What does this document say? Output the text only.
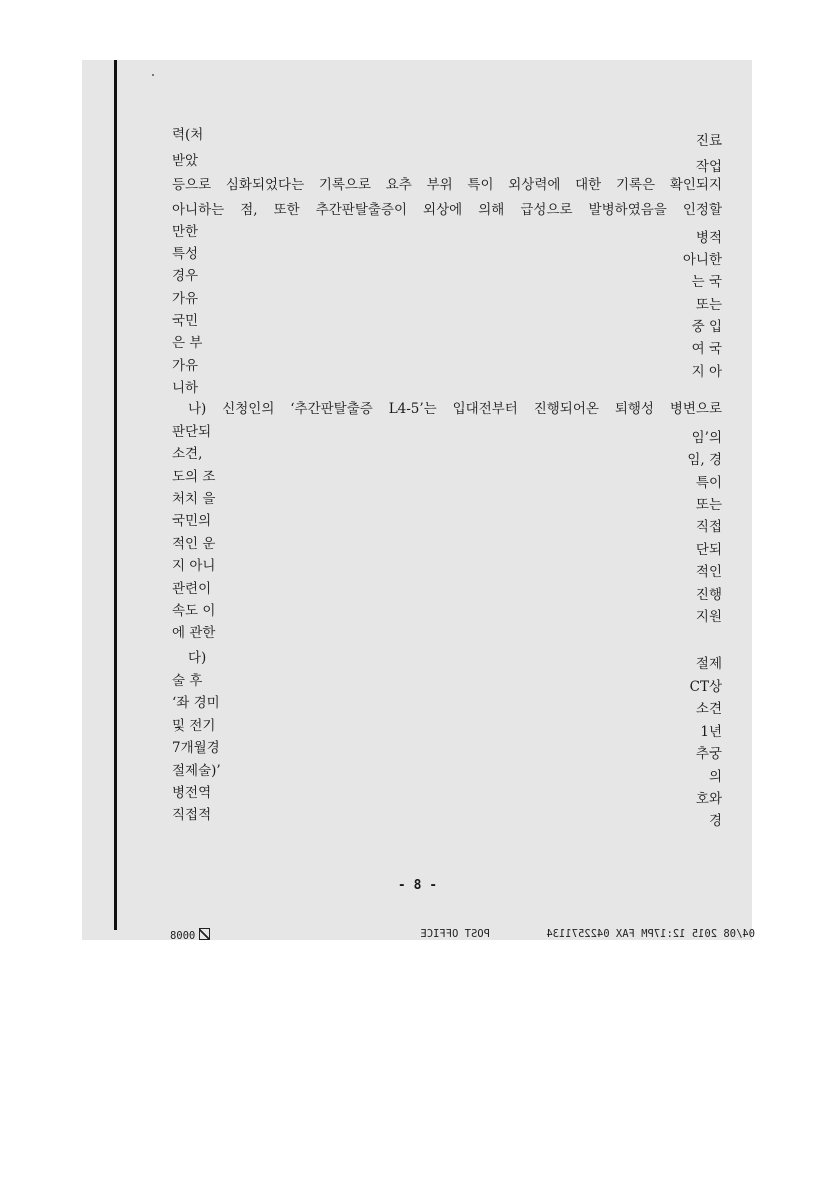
력(처	진료
받았	작업
등으로 심화되었다는 기록으로 요추 부위 특이 외상력에 대한 기록은 확인되지
아니하는 점, 또한 추간판탈출증이 외상에 의해 급성으로 발병하였음을 인정할
만한	병적
특성	아니한
경우	는 국
가유	또는
국민	중 입
은 부	여 국
가유	지 아
니하
나) 신청인의 ‘추간판탈출증 L4-5’는 입대전부터 진행되어온 퇴행성 병변으로
판단되	임’의
소견,	임, 경
도의 조	특이
처치 을	또는
국민의	직접
적인 운	단되
지 아니	적인
관련이	진행
속도 이	지원
에 관한
다)	절제
술 후	CT상
‘좌 경미	소견
및 전기	1년
7개월경	추궁
절제술)’	의
병전역	호와
직접적	경
- 8 -
0008	POST OFFICE	04/08 2015 12:17PM FAX 0422571134
